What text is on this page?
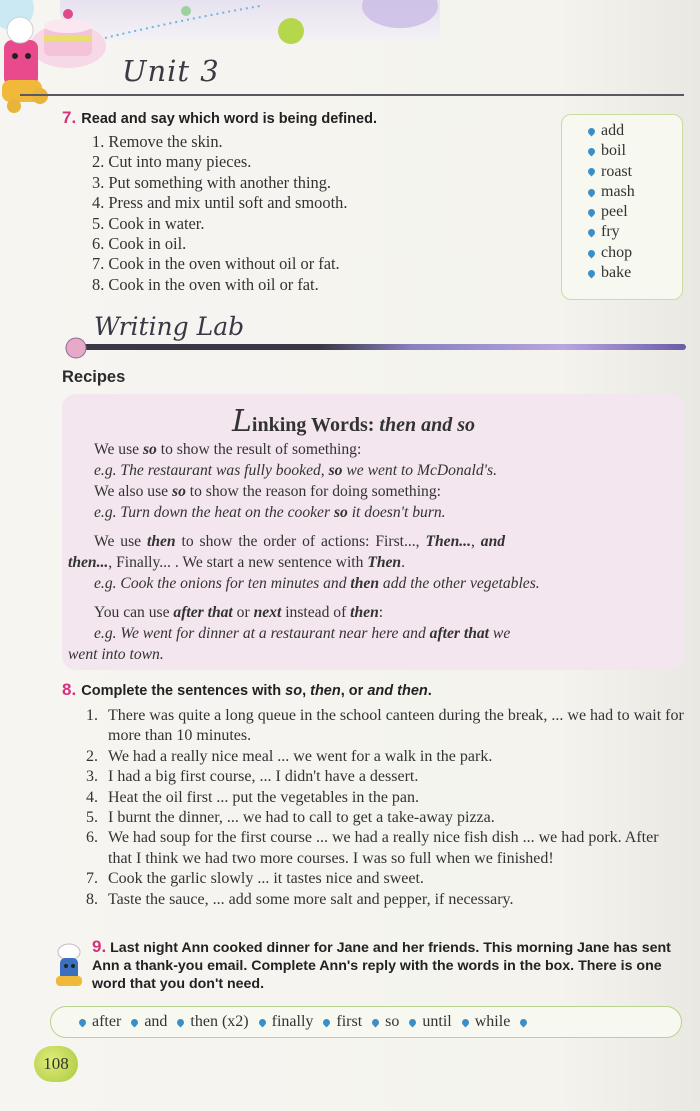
Unit 3
7. Read and say which word is being defined.
1. Remove the skin.
2. Cut into many pieces.
3. Put something with another thing.
4. Press and mix until soft and smooth.
5. Cook in water.
6. Cook in oil.
7. Cook in the oven without oil or fat.
8. Cook in the oven with oil or fat.
add
boil
roast
mash
peel
fry
chop
bake
Writing Lab
Recipes
Linking Words: then and so
We use so to show the result of something:
e.g. The restaurant was fully booked, so we went to McDonald's.
We also use so to show the reason for doing something:
e.g. Turn down the heat on the cooker so it doesn't burn.
We use then to show the order of actions: First..., Then..., and
then..., Finally... . We start a new sentence with Then.
e.g. Cook the onions for ten minutes and then add the other vegetables.
You can use after that or next instead of then:
e.g. We went for dinner at a restaurant near here and after that we
went into town.
8. Complete the sentences with so, then, or and then.
1. There was quite a long queue in the school canteen during the break, ... we had to wait for more than 10 minutes.
2. We had a really nice meal ... we went for a walk in the park.
3. I had a big first course, ... I didn't have a dessert.
4. Heat the oil first ... put the vegetables in the pan.
5. I burnt the dinner, ... we had to call to get a take-away pizza.
6. We had soup for the first course ... we had a really nice fish dish ... we had pork. After that I think we had two more courses. I was so full when we finished!
7. Cook the garlic slowly ... it tastes nice and sweet.
8. Taste the sauce, ... add some more salt and pepper, if necessary.
9. Last night Ann cooked dinner for Jane and her friends. This morning Jane has sent Ann a thank-you email. Complete Ann's reply with the words in the box. There is one word that you don't need.
after	and	then (x2)	finally	first	so	until	while
108
